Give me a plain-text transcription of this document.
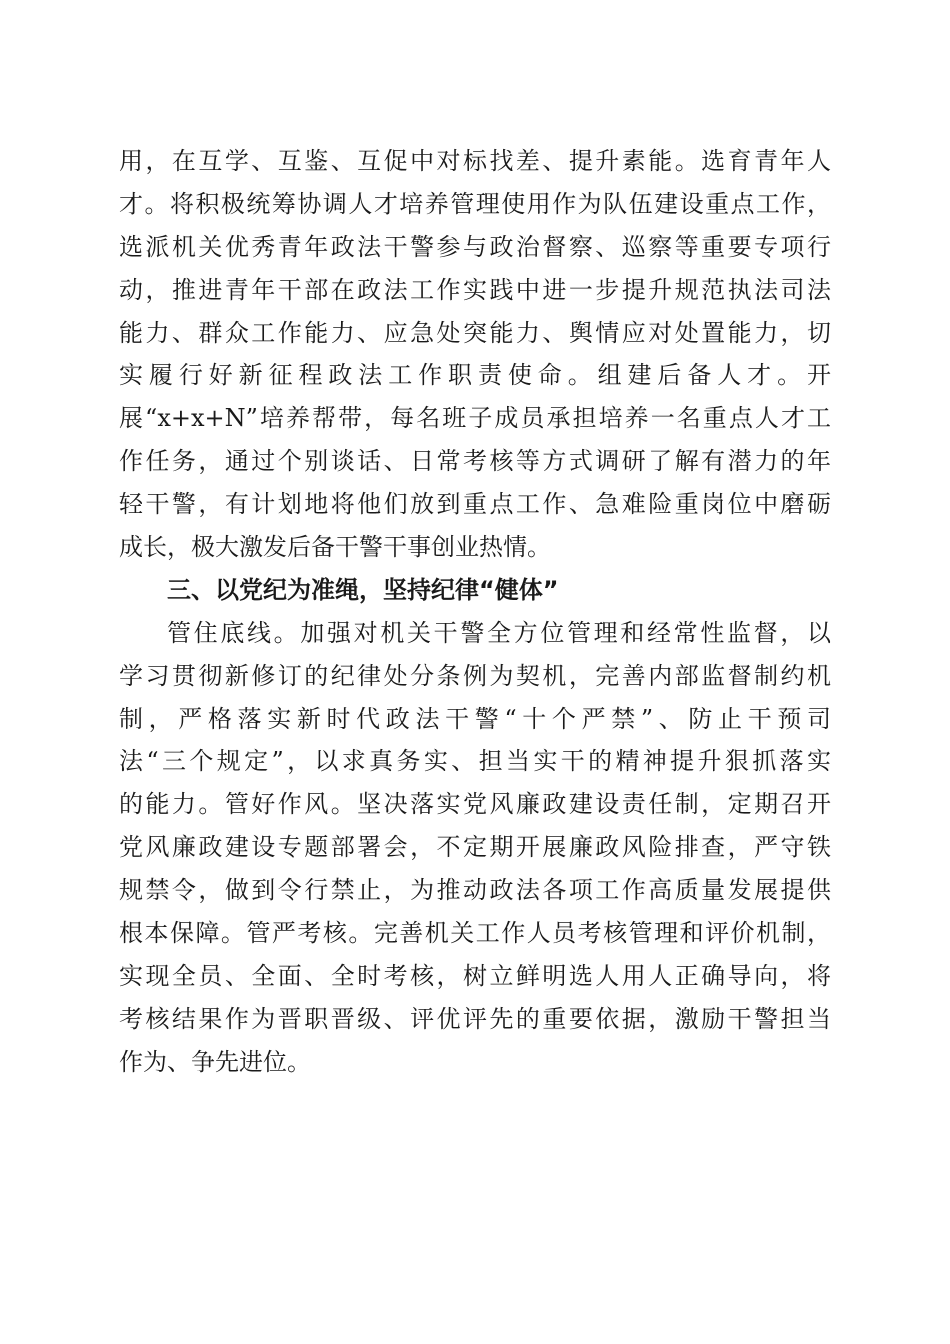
用，在互学、互鉴、互促中对标找差、提升素能。选育青年人
才。将积极统筹协调人才培养管理使用作为队伍建设重点工作，
选派机关优秀青年政法干警参与政治督察、巡察等重要专项行
动，推进青年干部在政法工作实践中进一步提升规范执法司法
能力、群众工作能力、应急处突能力、舆情应对处置能力，切
实履行好新征程政法工作职责使命。组建后备人才。开
展“x+x+N”培养帮带，每名班子成员承担培养一名重点人才工
作任务，通过个别谈话、日常考核等方式调研了解有潜力的年
轻干警，有计划地将他们放到重点工作、急难险重岗位中磨砺
成长，极大激发后备干警干事创业热情。
三、以党纪为准绳，坚持纪律“健体”
管住底线。加强对机关干警全方位管理和经常性监督，以
学习贯彻新修订的纪律处分条例为契机，完善内部监督制约机
制，严格落实新时代政法干警“十个严禁”、防止干预司
法“三个规定”，以求真务实、担当实干的精神提升狠抓落实
的能力。管好作风。坚决落实党风廉政建设责任制，定期召开
党风廉政建设专题部署会，不定期开展廉政风险排查，严守铁
规禁令，做到令行禁止，为推动政法各项工作高质量发展提供
根本保障。管严考核。完善机关工作人员考核管理和评价机制，
实现全员、全面、全时考核，树立鲜明选人用人正确导向，将
考核结果作为晋职晋级、评优评先的重要依据，激励干警担当
作为、争先进位。
